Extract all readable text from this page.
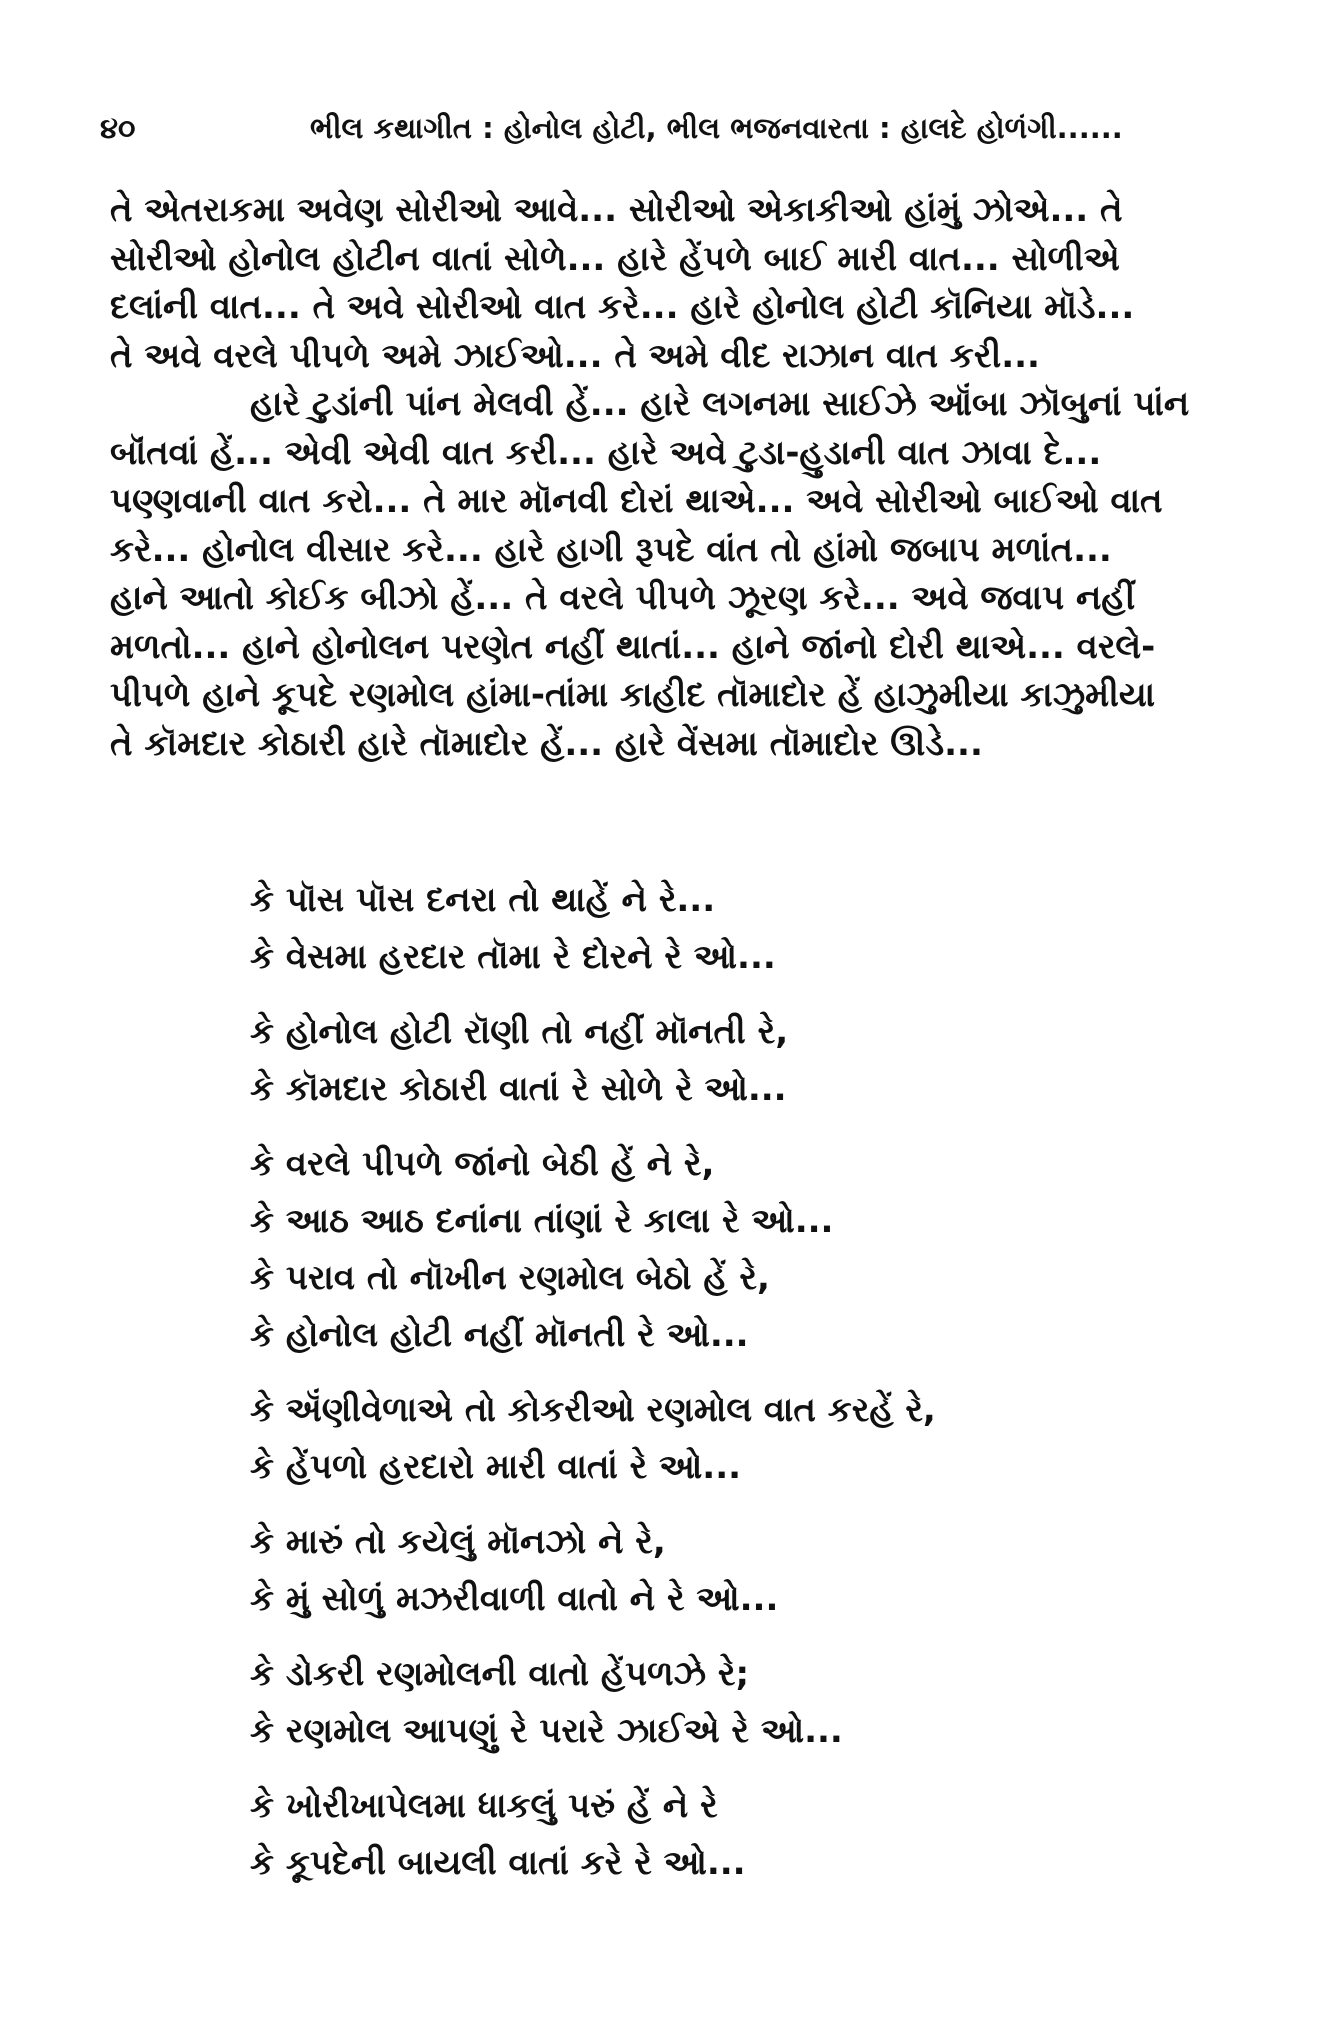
૪૦	ભીલ કથાગીત : હોનોલ હોટી, ભીલ ભજનવારતા : હાલદે હોળંગી......

તે એતરાકમા અવેણ સોરીઓ આવે... સોરીઓ એકાકીઓ હાંમું ઝોએ... તે

સોરીઓ હોનોલ હોટીન વાતાં સોળે... હારે હેંપળે બાઈ મારી વાત... સોળીએ

દલાંની વાત... તે અવે સોરીઓ વાત કરે... હારે હોનોલ હોટી કૉનિયા મૉડે...

તે અવે વરલે પીપળે અમે ઝાઈઓ... તે અમે વીદ રાઝાન વાત કરી...

હારે ટુડાંની પાંન મેલવી હેં... હારે લગનમા સાઈઝે ઑંબા ઝૉબુનાં પાંન

બૉંતવાં હેં... એવી એવી વાત કરી... હારે અવે ટુડા-હુડાની વાત ઝાવા દે...

પણ્ણવાની વાત કરો... તે માર મૉનવી દોરાં થાએ... અવે સોરીઓ બાઈઓ વાત

કરે... હોનોલ વીસાર કરે... હારે હાગી રૂપદે વાંત તો હાંમો જબાપ મળાંત...

હાને આતો કોઈક બીઝો હેં... તે વરલે પીપળે ઝૂરણ કરે... અવે જવાપ નહીં

મળતો... હાને હોનોલન પરણેત નહીં થાતાં... હાને જાંનો દોરી થાએ... વરલે-

પીપળે હાને કૂપદે રણમોલ હાંમા-તાંમા કાહીદ તૉમાદોર હેં હાઝુમીયા કાઝુમીયા

તે કૉમદાર કોઠારી હારે તૉમાદોર હેં... હારે વેંસમા તૉમાદોર ઊડે...

કે પૉસ પૉસ દનરા તો થાહેં ને રે...
કે વેસમા હરદાર તૉમા રે દોરને રે ઓ...
કે હોનોલ હોટી રૉણી તો નહીં મૉનતી રે,
કે કૉમદાર કોઠારી વાતાં રે સોળે રે ઓ...
કે વરલે પીપળે જાંનો બેઠી હેં ને રે,
કે આઠ આઠ દનાંના તાંણાં રે કાલા રે ઓ...
કે પરાવ તો નૉખીન રણમોલ બેઠો હેં રે,
કે હોનોલ હોટી નહીં મૉનતી રે ઓ...
કે ઍંણીવેળાએ તો કોકરીઓ રણમોલ વાત કરહેં રે,
કે હેંપળો હરદારો મારી વાતાં રે ઓ...
કે મારું તો કયેલું મૉનઝો ને રે,
કે મું સોળું મઝરીવાળી વાતો ને રે ઓ...
કે ડોકરી રણમોલની વાતો હેંપળઝે રે;
કે રણમોલ આપણું રે પરારે ઝાઈએ રે ઓ...
કે ખોરીખાપેલમા ધાકલું પરું હેં ને રે
કે કૂપદેની બાયલી વાતાં કરે રે ઓ...
